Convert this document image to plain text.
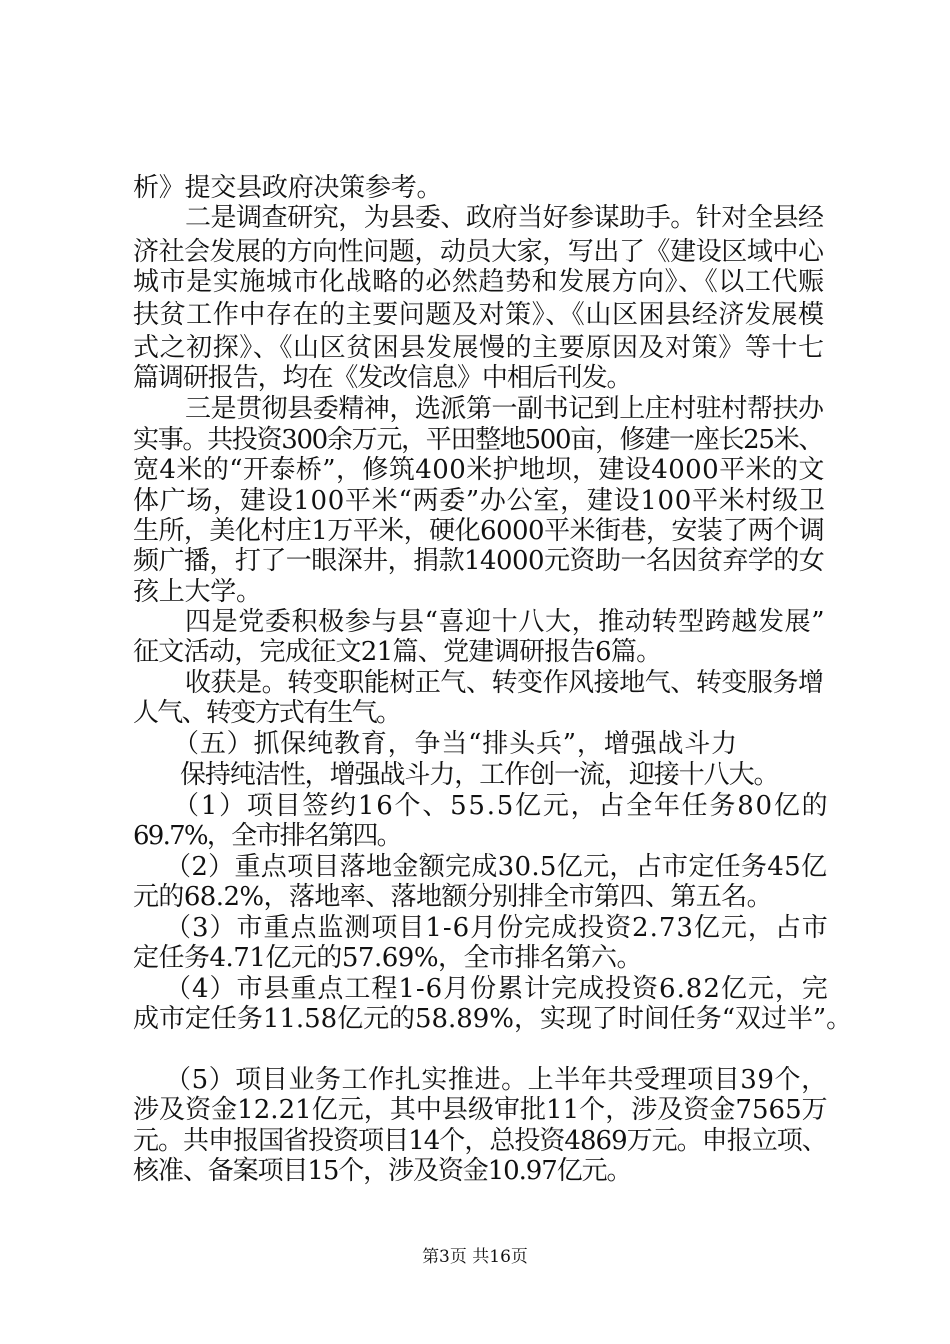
析》提交县政府决策参考。
二是调查研究，为县委、政府当好参谋助手。针对全县经
济社会发展的方向性问题，动员大家，写出了《建设区域中心
城市是实施城市化战略的必然趋势和发展方向》、《以工代赈
扶贫工作中存在的主要问题及对策》、《山区困县经济发展模
式之初探》、《山区贫困县发展慢的主要原因及对策》等十七
篇调研报告，均在《发改信息》中相后刊发。
三是贯彻县委精神，选派第一副书记到上庄村驻村帮扶办
实事。共投资300余万元，平田整地500亩，修建一座长25米、
宽4米的“开泰桥”，修筑400米护地坝，建设4000平米的文
体广场，建设100平米“两委”办公室，建设100平米村级卫
生所，美化村庄1万平米，硬化6000平米街巷，安装了两个调
频广播，打了一眼深井，捐款14000元资助一名因贫弃学的女
孩上大学。
四是党委积极参与县“喜迎十八大，推动转型跨越发展”
征文活动，完成征文21篇、党建调研报告6篇。
收获是。转变职能树正气、转变作风接地气、转变服务增
人气、转变方式有生气。
（五）抓保纯教育，争当“排头兵”，增强战斗力
保持纯洁性，增强战斗力，工作创一流，迎接十八大。
（1）项目签约16个、55.5亿元，占全年任务80亿的
69.7%，全市排名第四。
（2）重点项目落地金额完成30.5亿元，占市定任务45亿
元的68.2%，落地率、落地额分别排全市第四、第五名。
（3）市重点监测项目1-6月份完成投资2.73亿元，占市
定任务4.71亿元的57.69%，全市排名第六。
（4）市县重点工程1-6月份累计完成投资6.82亿元，完
成市定任务11.58亿元的58.89%，实现了时间任务“双过半”。
（5）项目业务工作扎实推进。上半年共受理项目39个，
涉及资金12.21亿元，其中县级审批11个，涉及资金7565万
元。共申报国省投资项目14个，总投资4869万元。申报立项、
核准、备案项目15个，涉及资金10.97亿元。
第3页 共16页
